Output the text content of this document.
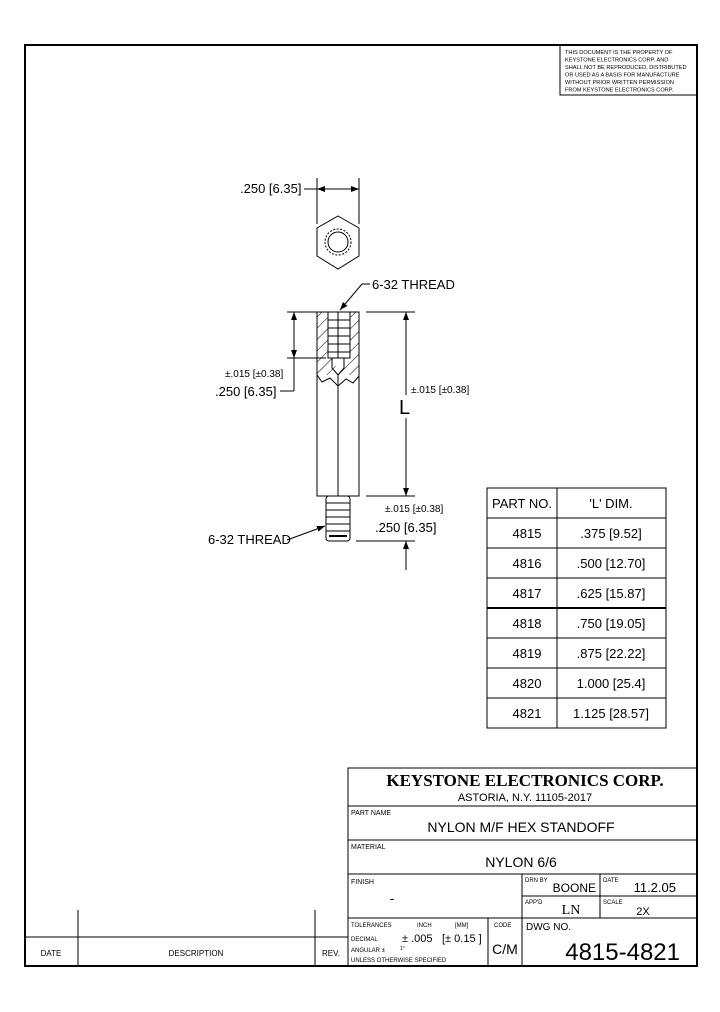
THIS DOCUMENT IS THE PROPERTY OF
KEYSTONE ELECTRONICS CORP. AND
SHALL NOT BE REPRODUCED, DISTRIBUTED
OR USED AS A BASIS FOR MANUFACTURE
WITHOUT PRIOR WRITTEN PERMISSION
FROM KEYSTONE ELECTRONICS CORP.
.250 [6.35]
6-32 THREAD
±.015 [±0.38]
.250 [6.35]
L
±.015 [±0.38]
±.015 [±0.38]
.250 [6.35]
6-32 THREAD
PART NO.	'L' DIM.
4815	.375 [9.52]
4816	.500 [12.70]
4817	.625 [15.87]
4818	.750 [19.05]
4819	.875 [22.22]
4820	1.000 [25.4]
4821 1.125 [28.57]
KEYSTONE ELECTRONICS CORP.
ASTORIA, N.Y. 11105-2017
PART NAME
NYLON M/F HEX STANDOFF
MATERIAL
NYLON 6/6
FINISH
-
DRN BY BOONE DATE 11.2.05
APP'D LN	SCALE
2X
TOLERANCES	INCH	[MM]
DECIMAL ± .005 [± 0.15 ]
ANGULAR ±	1°
UNLESS OTHERWISE SPECIFIED
CODE
C/M
DWG NO.
4815-4821
DATE	DESCRIPTION	REV.
